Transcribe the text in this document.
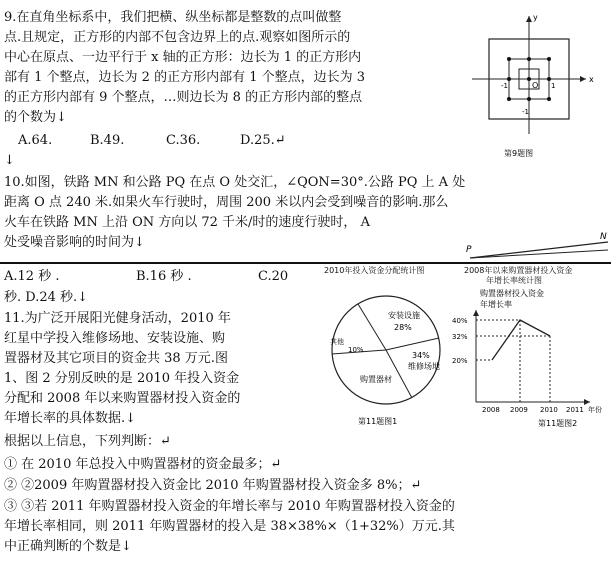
9.在直角坐标系中，我们把横、纵坐标都是整数的点叫做整
点.且规定，正方形的内部不包含边界上的点.观察如图所示的
中心在原点、一边平行于 x 轴的正方形：边长为 1 的正方形内
部有 1 个整点，边长为 2 的正方形内部有 1 个整点，边长为 3
的正方形内部有 9 个整点，…则边长为 8 的正方形内部的整点
的个数为↓
A.64.	B.49.	C.36.	D.25.↵
↓
x
y
O 1
-1
-1
第9题图
10.如图，铁路 MN 和公路 PQ 在点 O 处交汇，∠QON=30°.公路 PQ 上 A 处
距离 O 点 240 米.如果火车行驶时，周围 200 米以内会受到噪音的影响.那么
火车在铁路 MN 上沿 ON 方向以 72 千米/时的速度行驶时， A
处受噪音影响的时间为↓	P
N
A.12 秒 .	B.16 秒 .	C.20
秒. D.24 秒.↓
11.为广泛开展阳光健身活动，2010 年
红星中学投入维修场地、安装设施、购
置器材及其它项目的资金共 38 万元.图
1、图 2 分别反映的是 2010 年投入资金
分配和 2008 年以来购置器材投入资金的
年增长率的具体数据.↓
2010年投入资金分配统计图
安装设施
28%
34%
维修场地
购置器材
其他
10%
第11题图1
2008年以来购置器材投入资金
年增长率统计图
购置器材投入资金
年增长率
40%
32%
20%
2008 2009 2010 2011 年份
第11题图2
根据以上信息，下列判断：↵
① 在 2010 年总投入中购置器材的资金最多；↵
② ②2009 年购置器材投入资金比 2010 年购置器材投入资金多 8%；↵
③ ③若 2011 年购置器材投入资金的年增长率与 2010 年购置器材投入资金的
年增长率相同，则 2011 年购置器材的投入是 38×38%×（1+32%）万元.其
中正确判断的个数是↓
